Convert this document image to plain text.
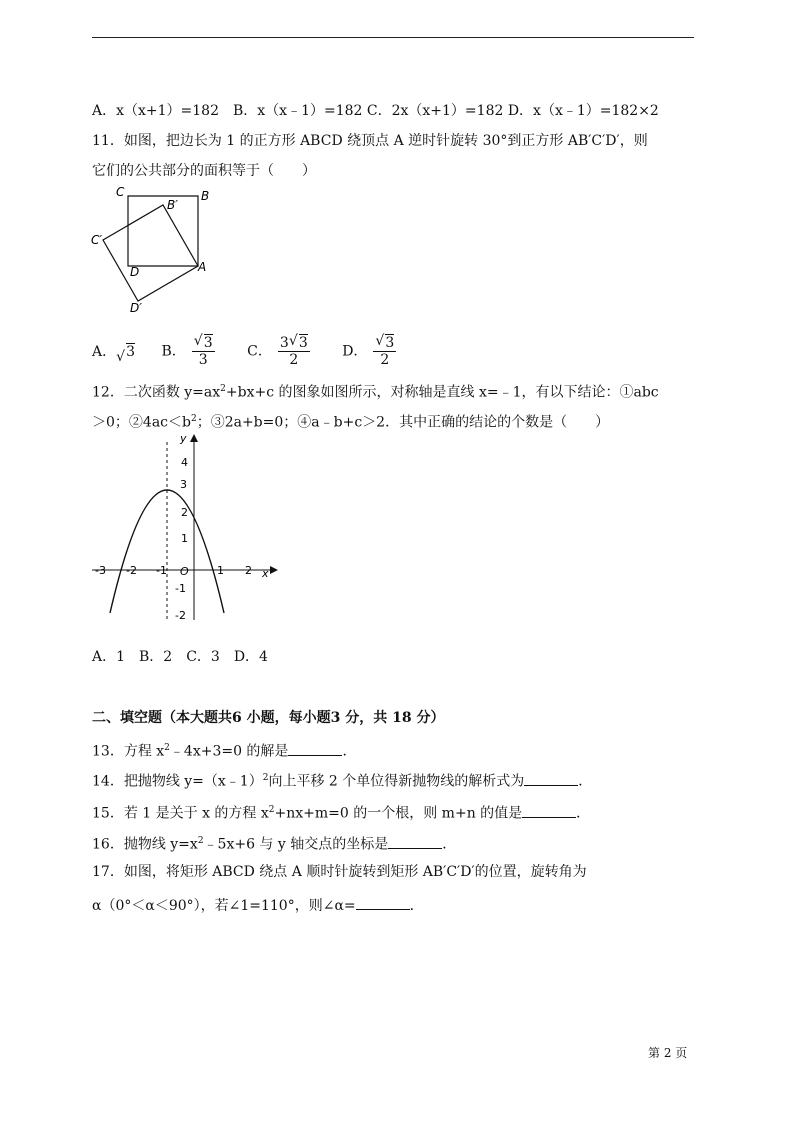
A．x（x+1）=182　B．x（x﹣1）=182 C．2x（x+1）=182 D．x（x﹣1）=182×2
11．如图，把边长为 1 的正方形 ABCD 绕顶点 A 逆时针旋转 30°到正方形 AB′C′D′，则
它们的公共部分的面积等于（　　）
C	B
B′
C′
D	A
D′
A． √ 3 B． √ $\frac{3}{3}$ C． $\frac{3 √ 3}{2}$ D． √ $\frac{3}{2}$
12．二次函数 $y=ax^2+bx+c$ 的图象如图所示，对称轴是直线 x=﹣1，有以下结论：①abc
＞0；$②4ac<b^2$；③2a+b=0；④a﹣b+c＞2．其中正确的结论的个数是（　　）
y
4
3
2
1
-1
-2
-3 -2 -1 O	1 2 x
A．1　B．2　C．3　D．4
二、填空题（本大题共6 小题，每小题3 分，共 18 分）
13．方程 $x^2﹣4x+3=0$ 的解是	．
14．把抛物线 y=（x﹣1）$^2$向上平移 2 个单位得新抛物线的解析式为	．
15．若 1 是关于 x 的方程 $x^2+nx+m=0$ 的一个根，则 m+n 的值是	．
16．抛物线 $y=x^2﹣5x+6$ 与 y 轴交点的坐标是	．
17．如图，将矩形 ABCD 绕点 A 顺时针旋转到矩形 AB′C′D′的位置，旋转角为
α（0°＜α＜90°），若∠1=110°，则∠α=	．
第 2 页
